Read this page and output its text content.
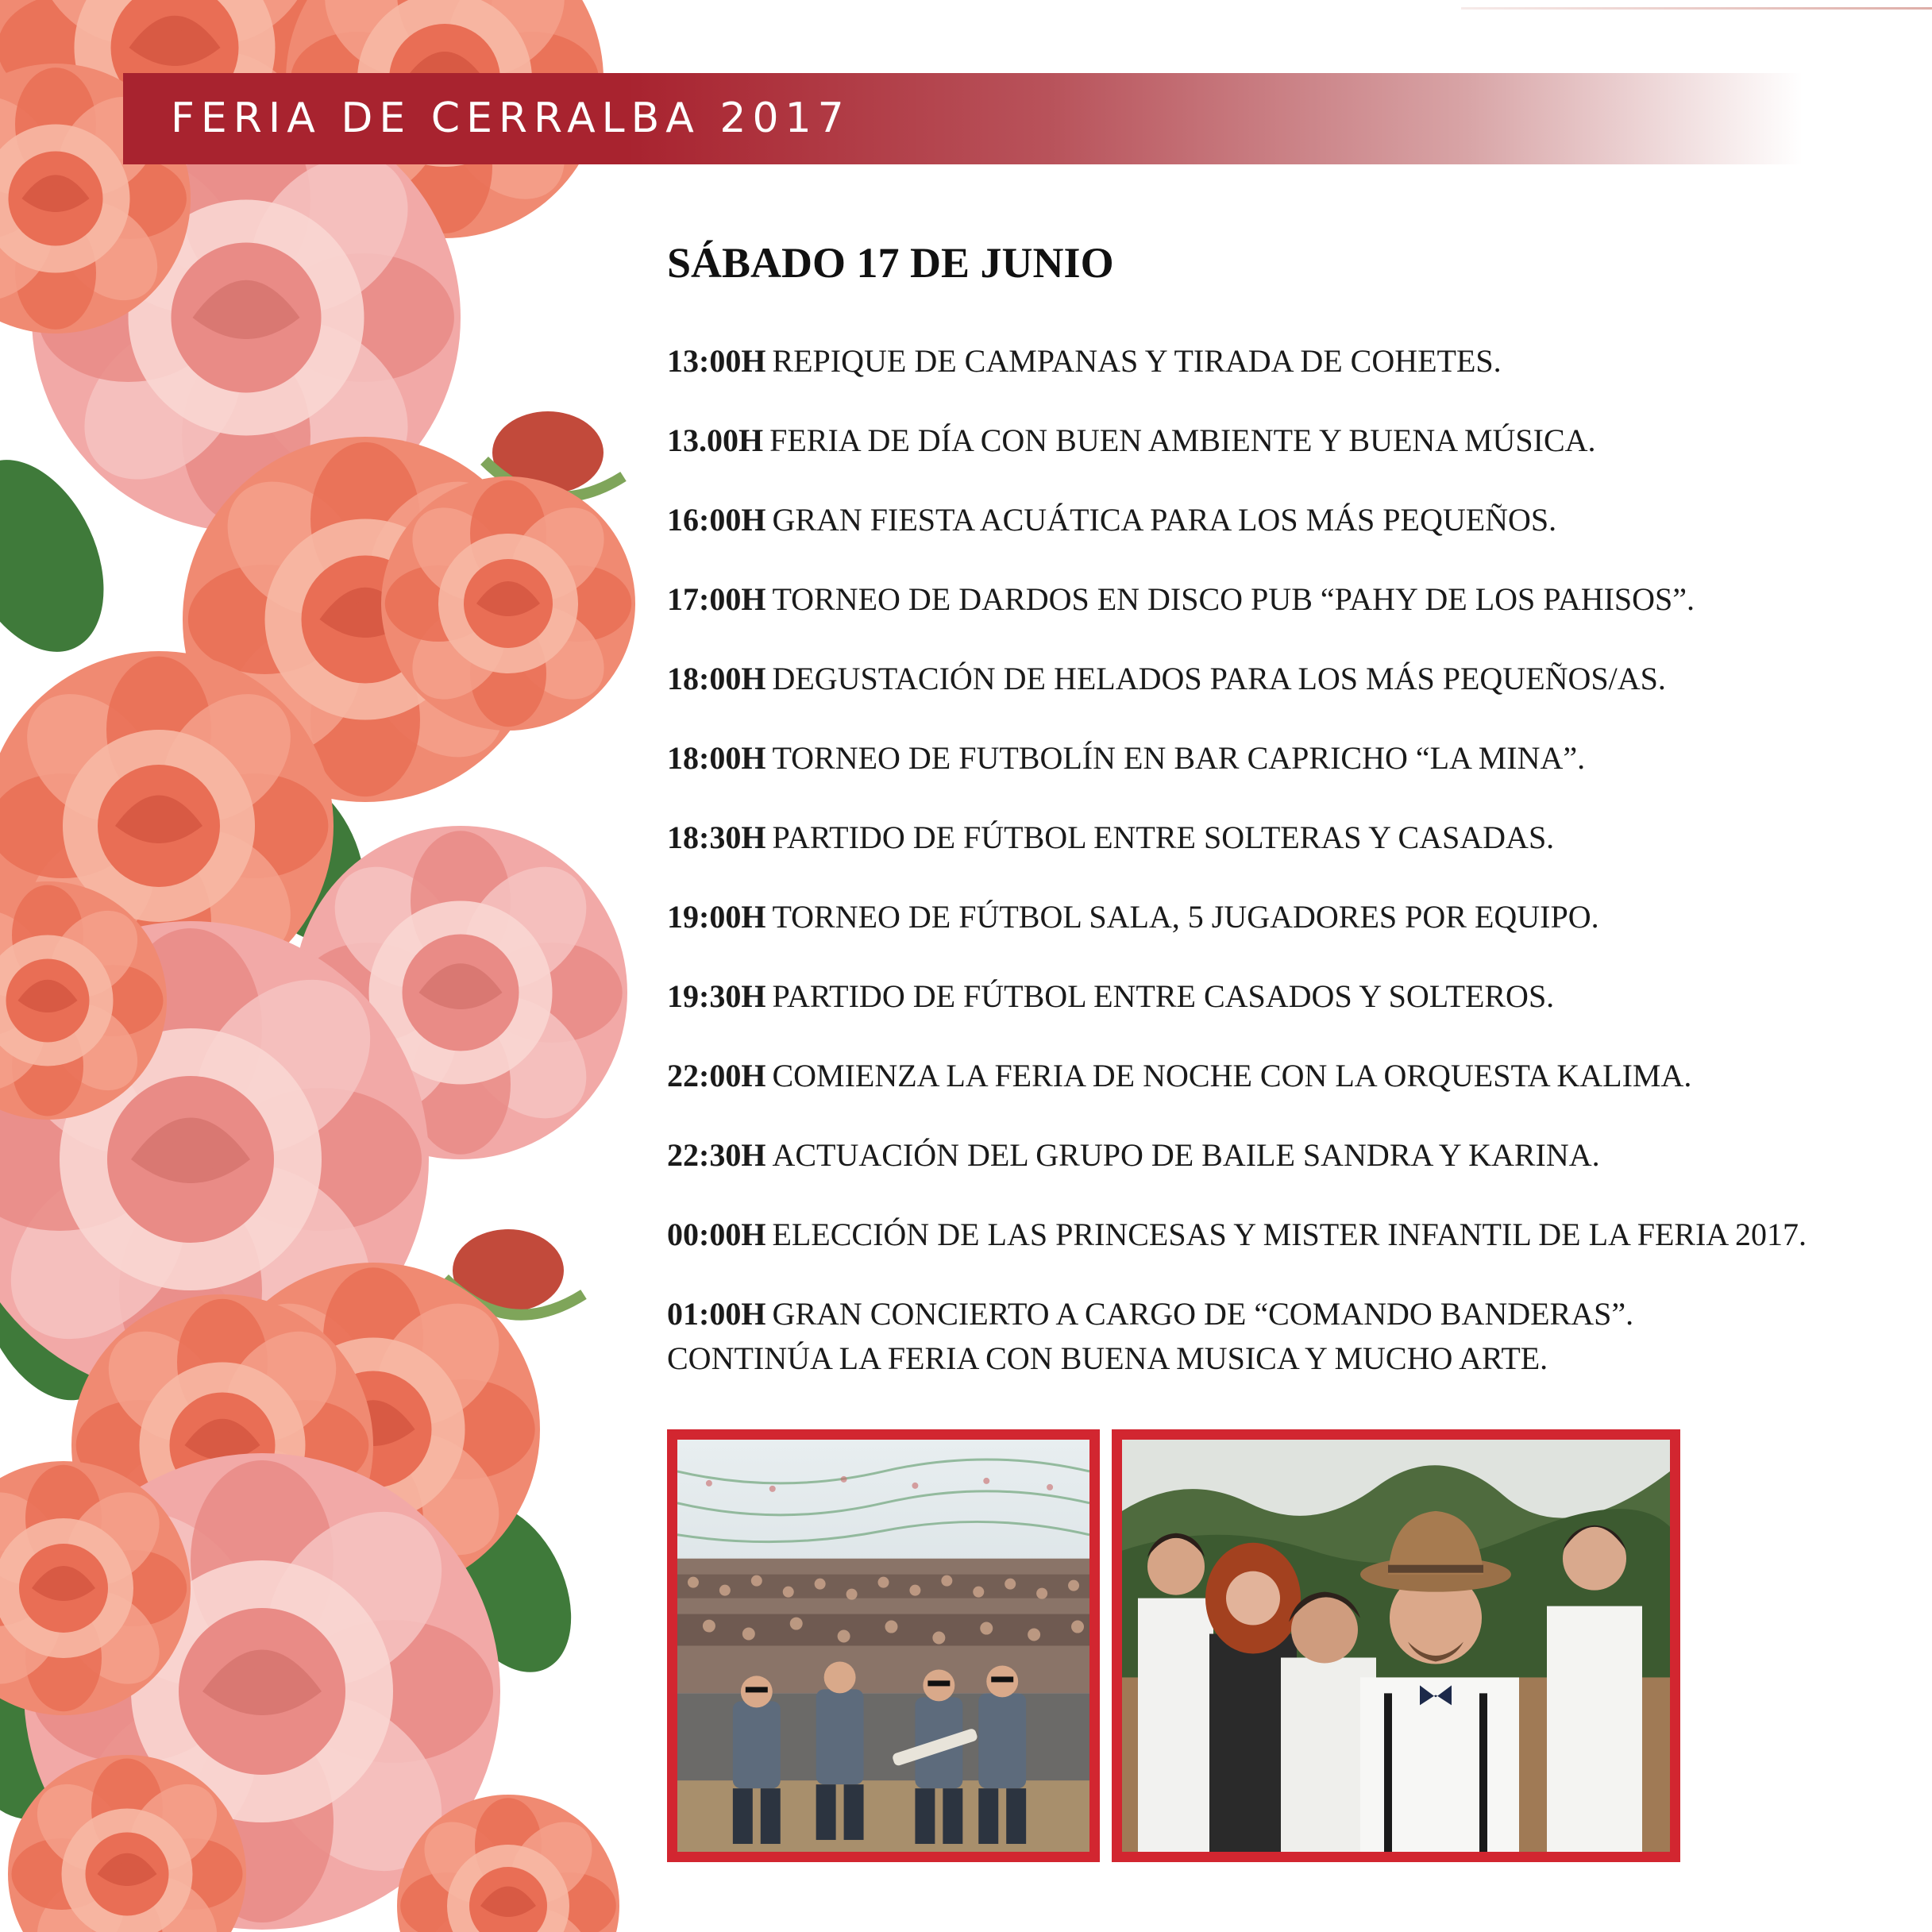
FERIA DE CERRALBA 2017
SÁBADO 17 DE JUNIO
13:00H REPIQUE DE CAMPANAS Y TIRADA DE COHETES.
13.00H FERIA DE DÍA CON BUEN AMBIENTE Y BUENA MÚSICA.
16:00H GRAN FIESTA ACUÁTICA PARA LOS MÁS PEQUEÑOS.
17:00H TORNEO DE DARDOS EN DISCO PUB “PAHY DE LOS PAHISOS”.
18:00H DEGUSTACIÓN DE HELADOS PARA LOS MÁS PEQUEÑOS/AS.
18:00H TORNEO DE FUTBOLÍN EN BAR CAPRICHO “LA MINA”.
18:30H PARTIDO DE FÚTBOL ENTRE SOLTERAS Y CASADAS.
19:00H TORNEO DE FÚTBOL SALA, 5 JUGADORES POR EQUIPO.
19:30H PARTIDO DE FÚTBOL ENTRE CASADOS Y SOLTEROS.
22:00H COMIENZA LA FERIA DE NOCHE CON LA ORQUESTA KALIMA.
22:30H ACTUACIÓN DEL GRUPO DE BAILE SANDRA Y KARINA.
00:00H ELECCIÓN DE LAS PRINCESAS Y MISTER INFANTIL DE LA FERIA 2017.
01:00H GRAN CONCIERTO A CARGO DE “COMANDO BANDERAS”.
CONTINÚA LA FERIA CON BUENA MUSICA Y MUCHO ARTE.
